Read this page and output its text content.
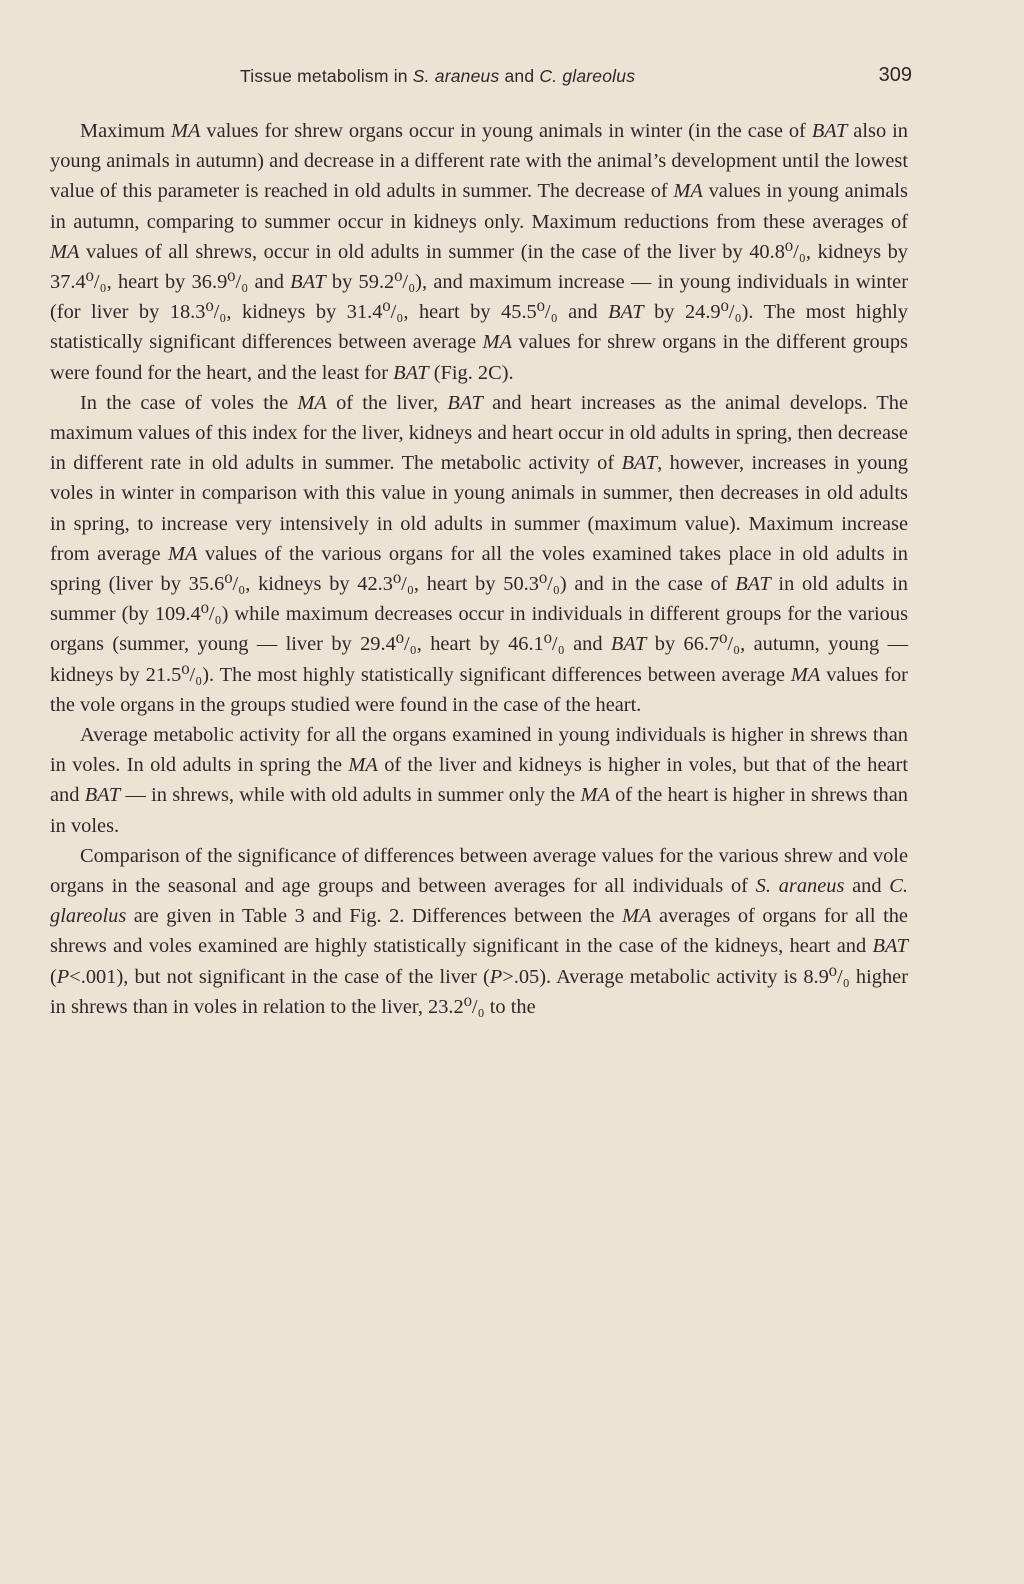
Tissue metabolism in S. araneus and C. glareolus	309

Maximum MA values for shrew organs occur in young animals in winter (in the case of BAT also in young animals in autumn) and decrease in a different rate with the animal’s development until the lowest value of this parameter is reached in old adults in summer. The decrease of MA values in young animals in autumn, comparing to summer occur in kidneys only. Maximum reductions from these averages of MA values of all shrews, occur in old adults in summer (in the case of the liver by 40.8⁰/₀, kidneys by 37.4⁰/₀, heart by 36.9⁰/₀ and BAT by 59.2⁰/₀), and maximum increase — in young individuals in winter (for liver by 18.3⁰/₀, kidneys by 31.4⁰/₀, heart by 45.5⁰/₀ and BAT by 24.9⁰/₀). The most highly statistically significant differences between average MA values for shrew organs in the different groups were found for the heart, and the least for BAT (Fig. 2C).

In the case of voles the MA of the liver, BAT and heart increases as the animal develops. The maximum values of this index for the liver, kidneys and heart occur in old adults in spring, then decrease in different rate in old adults in summer. The metabolic activity of BAT, however, increases in young voles in winter in comparison with this value in young animals in summer, then decreases in old adults in spring, to increase very intensively in old adults in summer (maximum value). Maximum increase from average MA values of the various organs for all the voles examined takes place in old adults in spring (liver by 35.6⁰/₀, kidneys by 42.3⁰/₀, heart by 50.3⁰/₀) and in the case of BAT in old adults in summer (by 109.4⁰/₀) while maximum decreases occur in individuals in different groups for the various organs (summer, young — liver by 29.4⁰/₀, heart by 46.1⁰/₀ and BAT by 66.7⁰/₀, autumn, young — kidneys by 21.5⁰/₀). The most highly statistically significant differences between average MA values for the vole organs in the groups studied were found in the case of the heart.

Average metabolic activity for all the organs examined in young individuals is higher in shrews than in voles. In old adults in spring the MA of the liver and kidneys is higher in voles, but that of the heart and BAT — in shrews, while with old adults in summer only the MA of the heart is higher in shrews than in voles.

Comparison of the significance of differences between average values for the various shrew and vole organs in the seasonal and age groups and between averages for all individuals of S. araneus and C. glareolus are given in Table 3 and Fig. 2. Differences between the MA averages of organs for all the shrews and voles examined are highly statistically significant in the case of the kidneys, heart and BAT (P<.001), but not significant in the case of the liver (P>.05). Average metabolic activity is 8.9⁰/₀ higher in shrews than in voles in relation to the liver, 23.2⁰/₀ to the
